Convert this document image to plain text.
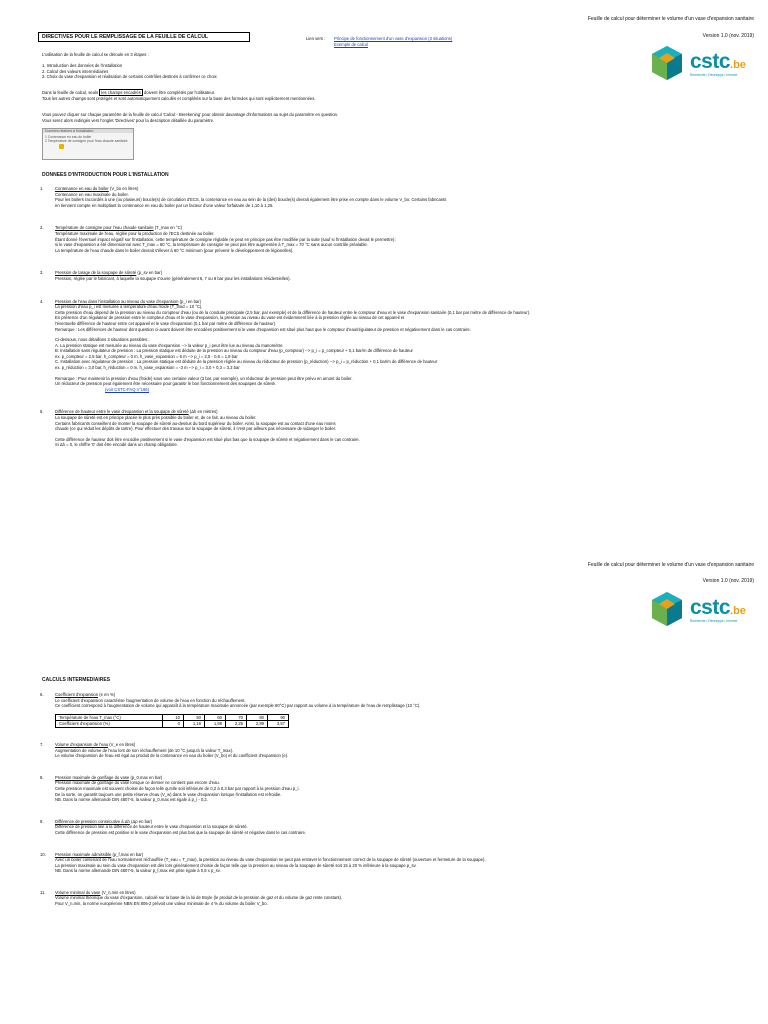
Feuille de calcul pour déterminer le volume d'un vase d'expansion sanitaire
Version 1.0 (nov. 2019)
cstc.be
Recherche • Développe • Informe
DIRECTIVES POUR LE REMPLISSAGE DE LA FEUILLE DE CALCUL	Lien vers : Principe de fonctionnement d'un vase d'expansion (3 situations)
Exemple de calcul
L'utilisation de la feuille de calcul se déroule en 3 étapes :
1. Introduction des données de l'installation
2. Calcul des valeurs intermédiaires
3. Choix du vase d'expansion et réalisation de certains contrôles destinés à confirmer ce choix
Dans la feuille de calcul, seuls les champs encadrés doivent être complétés par l'utilisateur.
Tous les autres champs sont protégés et sont automatiquement calculés et complétés sur la base des formules qui sont explicitement mentionnées.
Vous pouvez cliquer sur chaque paramètre de la feuille de calcul 'Calcul - Berekening' pour obtenir davantage d'informations au sujet du paramètre en question.
Vous serez alors redirigés vers l'onglet 'Directives' pour la description détaillée du paramètre.
Données relatives à l'installation
1 Contenance en eau du boiler
2 Température de consigne pour l'eau chaude sanitaire
DONNEES D'INTRODUCTION POUR L'INSTALLATION
1.	Contenance en eau du boiler (V_bo en litres)
Contenance en eau maximale du boiler.
Pour les boilers raccordés à une (ou plusieurs) boucle(s) de circulation d'ECS, la contenance en eau au sein de la (des) boucle(s) devrait également être prise en compte dans le volume V_bo. Certains fabricants
en tiennent compte en multipliant la contenance en eau du boiler par un facteur d'une valeur forfaitaire de 1,10 à 1,25.
2.	Température de consigne pour l'eau chaude sanitaire (T_max en °C)
Température maximale de l'eau, réglée pour la production de l'ECS destinée au boiler.
Étant donné l'éventuel impact négatif sur l'installation, cette température de consigne réglable ne peut en principe pas être modifiée par la suite (sauf si l'installation devait le permettre);
si le vase d'expansion a été dimensionné avec T_max = 60 °C, la température de consigne ne peut pas être augmentée à T_max = 70 °C sans aucun contrôle préalable.
La température de l'eau chaude dans le boiler devrait s'élever à 60 °C minimum (pour prévenir le développement de légionelles).
3.	Pression de tarage de la soupape de sûreté (p_sv en bar)
Pression, réglée par le fabricant, à laquelle la soupape s'ouvre (généralement 6, 7 ou 8 bar pour les installations résidentielles).
4.	Pression de l'eau dans l'installation au niveau du vase d'expansion (p_i en bar)
La pression d'eau p_i est mesurée à température d'eau froide (T_froid = 10 °C).
Cette pression d'eau dépend de la pression au niveau du compteur d'eau (ou de la conduite principale (2,5 bar, par exemple) et de la différence de hauteur entre le compteur d'eau et le vase d'expansion sanitaire (0,1 bar par mètre de différence de hauteur).
En présence d'un régulateur de pression entre le compteur d'eau et le vase d'expansion, la pression au niveau du vase est évidemment liée à la pression réglée au niveau de cet appareil et
l'éventuelle différence de hauteur entre cet appareil et le vase d'expansion (0,1 bar par mètre de différence de hauteur).
Remarque : Les différences de hauteur dont question ci-avant doivent être encodées positivement si le vase d'expansion est situé plus haut que le compteur d'eau/régulateur de pression et négativement dans le cas contraire.
Ci-dessous, nous détaillons 3 situations possibles :
A. La pression statique est mesurée au niveau du vase d'expansion --> la valeur p_i peut être lue au niveau du manomètre.
B. Installation sans régulateur de pression : La pression statique est déduite de la pression au niveau du compteur d'eau (p_compteur) --> p_i = p_compteur + 0,1 bar/m de différence de hauteur
ex. p_compteur = 2,5 bar, h_compteur = 0 m, h_vase_expansion = 6 m --> p_i = 2,5 - 0,6 = 1,9 bar
C. Installation avec régulateur de pression : La pression statique est déduite de la pression réglée au niveau du réducteur de pression (p_réduction) --> p_i = p_réduction + 0,1 bar/m de différence de hauteur
ex. p_réduction = 3,0 bar, h_réduction = 0 m, h_vase_expansion = -3 m --> p_i = 3,0 + 0,3 = 3,3 bar
Remarque : Pour maintenir la pression d'eau (froide) sous une certaine valeur (3 bar, par exemple), un réducteur de pression peut être prévu en amont du boiler.
Un réducteur de pression peut également être nécessaire pour garantir le bon fonctionnement des soupapes de sûreté.
(voir CSTC-FAQ n°166)
5.	Différence de hauteur entre le vase d'expansion et la soupape de sûreté (Δh en mètres)
La soupape de sûreté est en principe placée le plus près possible du boiler et, de ce fait, au niveau du boiler.
Certains fabricants conseillent de monter la soupape de sûreté au-dessus du bord supérieur du boiler. Ainsi, la soupape est au contact d'une eau moins
chaude (ce qui réduit les dépôts de tartre). Pour effectuer des travaux sur la soupape de sûreté, il n'est par ailleurs pas nécessaire de vidanger le boiler.
Cette différence de hauteur doit être encodée positivement si le vase d'expansion est situé plus bas que la soupape de sûreté et négativement dans le cas contraire.
Si Δh = 0, le chiffre '0' doit être encodé dans un champ obligatoire.
Feuille de calcul pour déterminer le volume d'un vase d'expansion sanitaire
Version 1.0 (nov. 2019)
cstc.be
Recherche • Développe • Informe
CALCULS INTERMEDIAIRES
6.	Coefficient d'expansion (e en %)
Le coefficient d'expansion caractérise l'augmentation de volume de l'eau en fonction du réchauffement.
Ce coefficient correspond à l'augmentation de volume qui apparaît à la température maximale annoncée (par exemple 60°C) par rapport au volume à la température de l'eau de remplissage (10 °C).
Température de l'eau T_max (°C)	10	50	60	70	80	90
Coefficient d'expansion (%)	0	1,18	1,68	2,25	2,89	3,57
7.	Volume d'expansion de l'eau (V_e en litres)
Augmentation de volume de l'eau lors de son réchauffement (de 10 °C jusqu'à la valeur T_max).
Le volume d'expansion de l'eau est égal au produit de la contenance en eau du boiler (V_bo) et du coefficient d'expansion (e).
8.	Pression maximale de gonflage du vase (p_0,max en bar)
Pression maximale de gonflage du vase lorsque ce dernier ne contient pas encore d'eau.
Cette pression maximale est souvent choisie de façon telle qu'elle soit inférieure de 0,2 à 0,3 bar par rapport à la pression d'eau p_i.
De la sorte, on garantit toujours une petite réserve d'eau (V_w) dans le vase d'expansion lorsque l'installation est refroidie.
NB. Dans la norme allemande DIN 4807-5, la valeur p_0,max est égale à p_i - 0,2.
9.	Différence de pression consécutive à Δh (Δp en bar)
Différence de pression liée à la différence de hauteur entre le vase d'expansion et la soupape de sûreté.
Cette différence de pression est positive si le vase d'expansion est plus bas que la soupape de sûreté et négative dans le cas contraire.
10.	Pression maximale admissible (p_f,max en bar)
Avec un boiler contenant de l'eau normalement réchauffée (T_eau = T_max), la pression au niveau du vase d'expansion ne peut pas entraver le fonctionnement correct de la soupape de sûreté (ouverture et fermeture de la soupape).
La pression maximale au sein du vase d'expansion est dès lors généralement choisie de façon telle que la pression au niveau de la soupape de sûreté soit 15 à 20 % inférieure à la soupape p_sv.
NB. Dans la norme allemande DIN 4807-5, la valeur p_f,max est prise égale à 0,8 x p_sv.
11.	Volume minimal du vase (V_n,min en litres)
Volume minimal théorique du vase d'expansion, calculé sur la base de la loi de Boyle (le produit de la pression de gaz et du volume de gaz reste constant).
Pour V_n,min, la norme européenne NBN EN 806-2 prévoit une valeur minimale de 4 % du volume du boiler V_bo.
